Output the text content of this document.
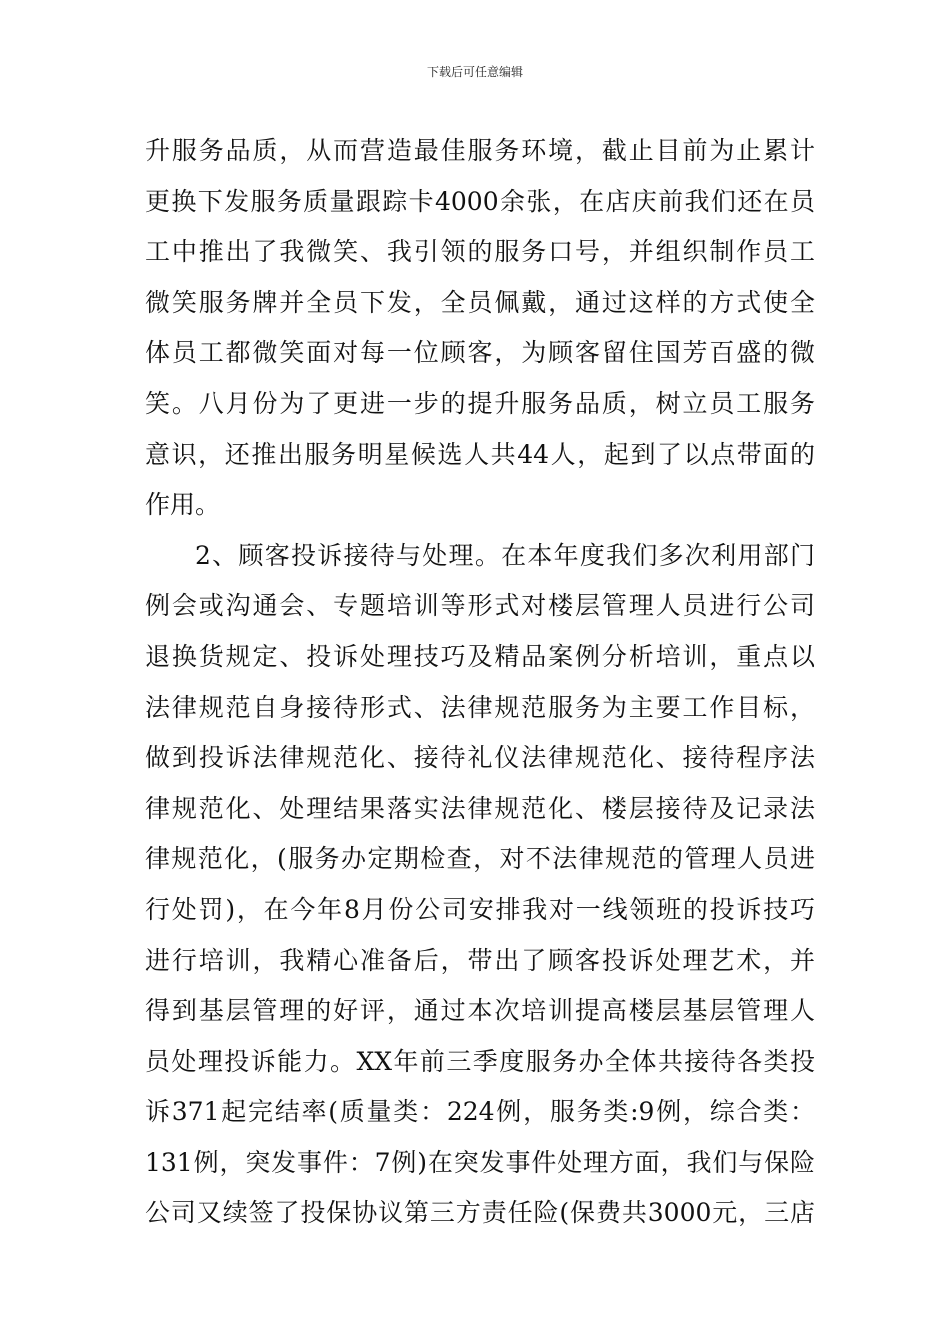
下载后可任意编辑
升服务品质，从而营造最佳服务环境，截止目前为止累计
更换下发服务质量跟踪卡4000余张，在店庆前我们还在员
工中推出了我微笑、我引领的服务口号，并组织制作员工
微笑服务牌并全员下发，全员佩戴，通过这样的方式使全
体员工都微笑面对每一位顾客，为顾客留住国芳百盛的微
笑。八月份为了更进一步的提升服务品质，树立员工服务
意识，还推出服务明星候选人共44人，起到了以点带面的
作用。
2、顾客投诉接待与处理。在本年度我们多次利用部门
例会或沟通会、专题培训等形式对楼层管理人员进行公司
退换货规定、投诉处理技巧及精品案例分析培训，重点以
法律规范自身接待形式、法律规范服务为主要工作目标，
做到投诉法律规范化、接待礼仪法律规范化、接待程序法
律规范化、处理结果落实法律规范化、楼层接待及记录法
律规范化，(服务办定期检查，对不法律规范的管理人员进
行处罚)，在今年8月份公司安排我对一线领班的投诉技巧
进行培训，我精心准备后，带出了顾客投诉处理艺术，并
得到基层管理的好评，通过本次培训提高楼层基层管理人
员处理投诉能力。XX年前三季度服务办全体共接待各类投
诉371起完结率(质量类：224例，服务类:9例，综合类：
131例，突发事件：7例)在突发事件处理方面，我们与保险
公司又续签了投保协议第三方责任险(保费共3000元，三店
